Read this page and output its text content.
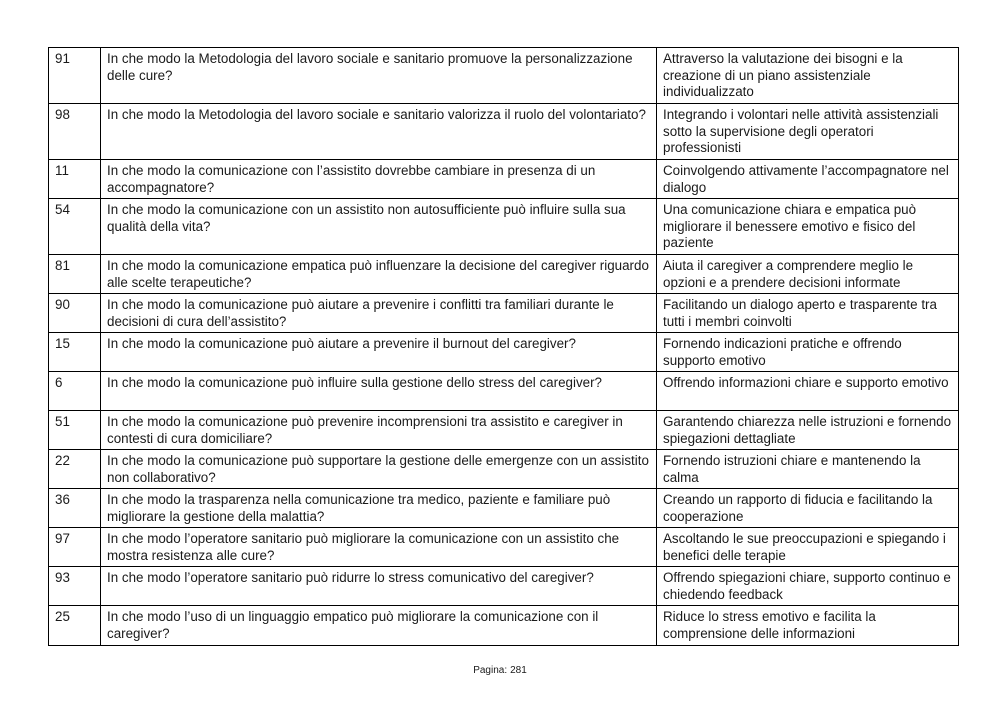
91	In che modo la Metodologia del lavoro sociale e sanitario promuove la personalizzazione delle cure?	Attraverso la valutazione dei bisogni e la creazione di un piano assistenziale individualizzato
98	In che modo la Metodologia del lavoro sociale e sanitario valorizza il ruolo del volontariato?	Integrando i volontari nelle attività assistenziali sotto la supervisione degli operatori professionisti
11	In che modo la comunicazione con l’assistito dovrebbe cambiare in presenza di un accompagnatore?	Coinvolgendo attivamente l’accompagnatore nel dialogo
54	In che modo la comunicazione con un assistito non autosufficiente può influire sulla sua qualità della vita?	Una comunicazione chiara e empatica può migliorare il benessere emotivo e fisico del paziente
81	In che modo la comunicazione empatica può influenzare la decisione del caregiver riguardo alle scelte terapeutiche?	Aiuta il caregiver a comprendere meglio le opzioni e a prendere decisioni informate
90	In che modo la comunicazione può aiutare a prevenire i conflitti tra familiari durante le decisioni di cura dell’assistito?	Facilitando un dialogo aperto e trasparente tra tutti i membri coinvolti
15	In che modo la comunicazione può aiutare a prevenire il burnout del caregiver?	Fornendo indicazioni pratiche e offrendo supporto emotivo
6	In che modo la comunicazione può influire sulla gestione dello stress del caregiver?	Offrendo informazioni chiare e supporto emotivo
51	In che modo la comunicazione può prevenire incomprensioni tra assistito e caregiver in contesti di cura domiciliare?	Garantendo chiarezza nelle istruzioni e fornendo spiegazioni dettagliate
22	In che modo la comunicazione può supportare la gestione delle emergenze con un assistito non collaborativo?	Fornendo istruzioni chiare e mantenendo la calma
36	In che modo la trasparenza nella comunicazione tra medico, paziente e familiare può migliorare la gestione della malattia?	Creando un rapporto di fiducia e facilitando la cooperazione
97	In che modo l’operatore sanitario può migliorare la comunicazione con un assistito che mostra resistenza alle cure?	Ascoltando le sue preoccupazioni e spiegando i benefici delle terapie
93	In che modo l’operatore sanitario può ridurre lo stress comunicativo del caregiver?	Offrendo spiegazioni chiare, supporto continuo e chiedendo feedback
25	In che modo l’uso di un linguaggio empatico può migliorare la comunicazione con il caregiver?	Riduce lo stress emotivo e facilita la comprensione delle informazioni
Pagina: 281
